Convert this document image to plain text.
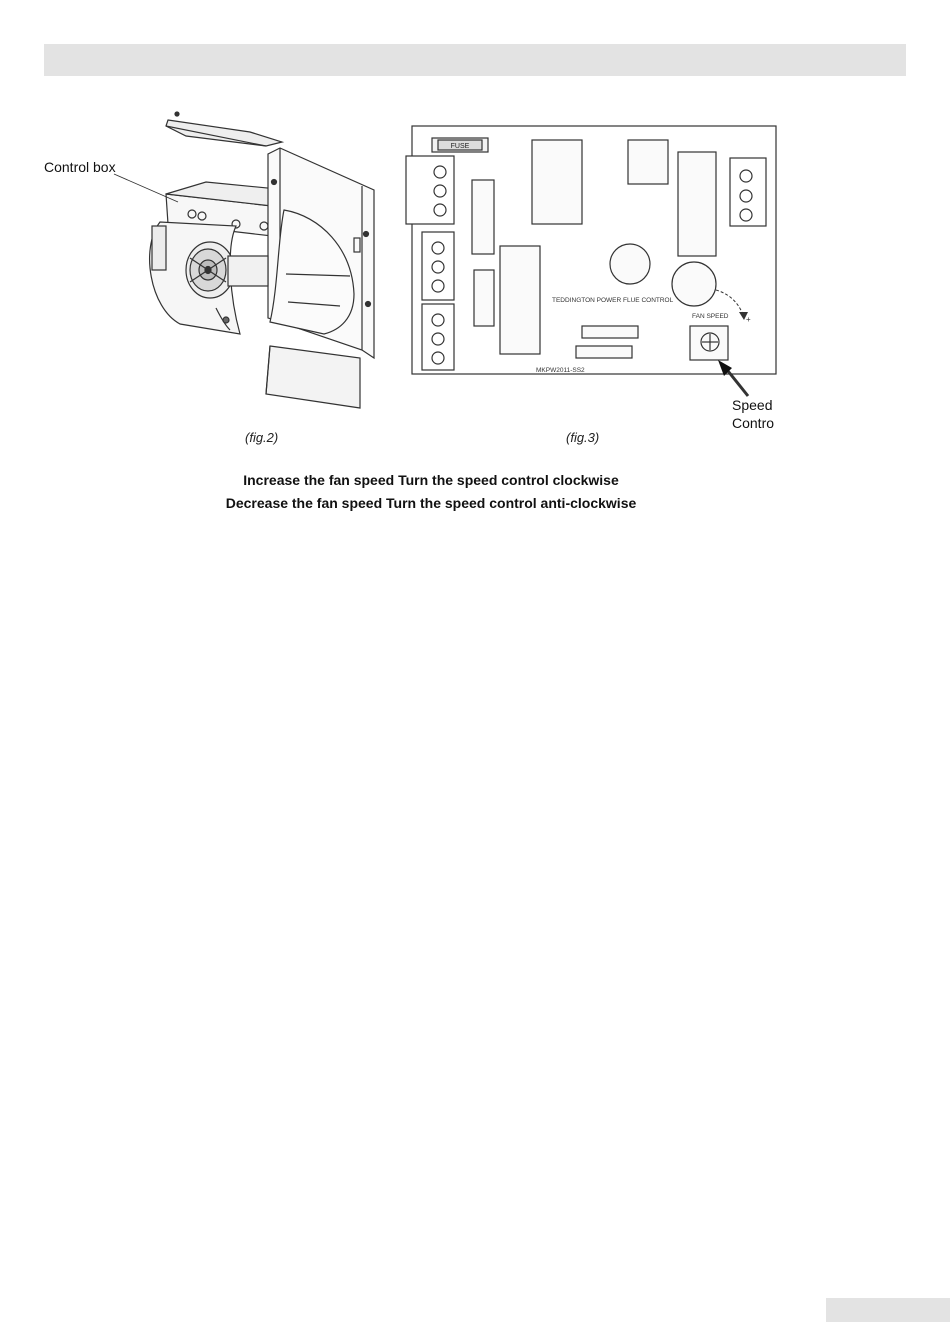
Control box
FUSE
TEDDINGTON POWER FLUE CONTROL
MKPW2011-SS2
FAN SPEED +
Speed
Contro
(fig.2)	(fig.3)
Increase the fan speed Turn the speed control clockwise
Decrease the fan speed Turn the speed control anti-clockwise
